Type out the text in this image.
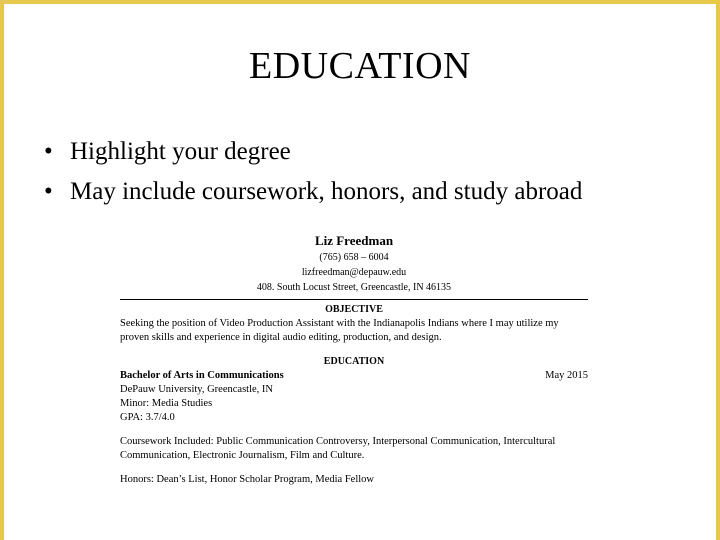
EDUCATION
• Highlight your degree
• May include coursework, honors, and study abroad
Liz Freedman
(765) 658 – 6004
lizfreedman@depauw.edu
408. South Locust Street, Greencastle, IN 46135
OBJECTIVE

Seeking the position of Video Production Assistant with the Indianapolis Indians where I may utilize my proven skills and experience in digital audio editing, production, and design.

EDUCATION
Bachelor of Arts in Communications	May 2015
DePauw University, Greencastle, IN
Minor: Media Studies
GPA: 3.7/4.0

Coursework Included: Public Communication Controversy, Interpersonal Communication, Intercultural Communication, Electronic Journalism, Film and Culture.

Honors: Dean’s List, Honor Scholar Program, Media Fellow
